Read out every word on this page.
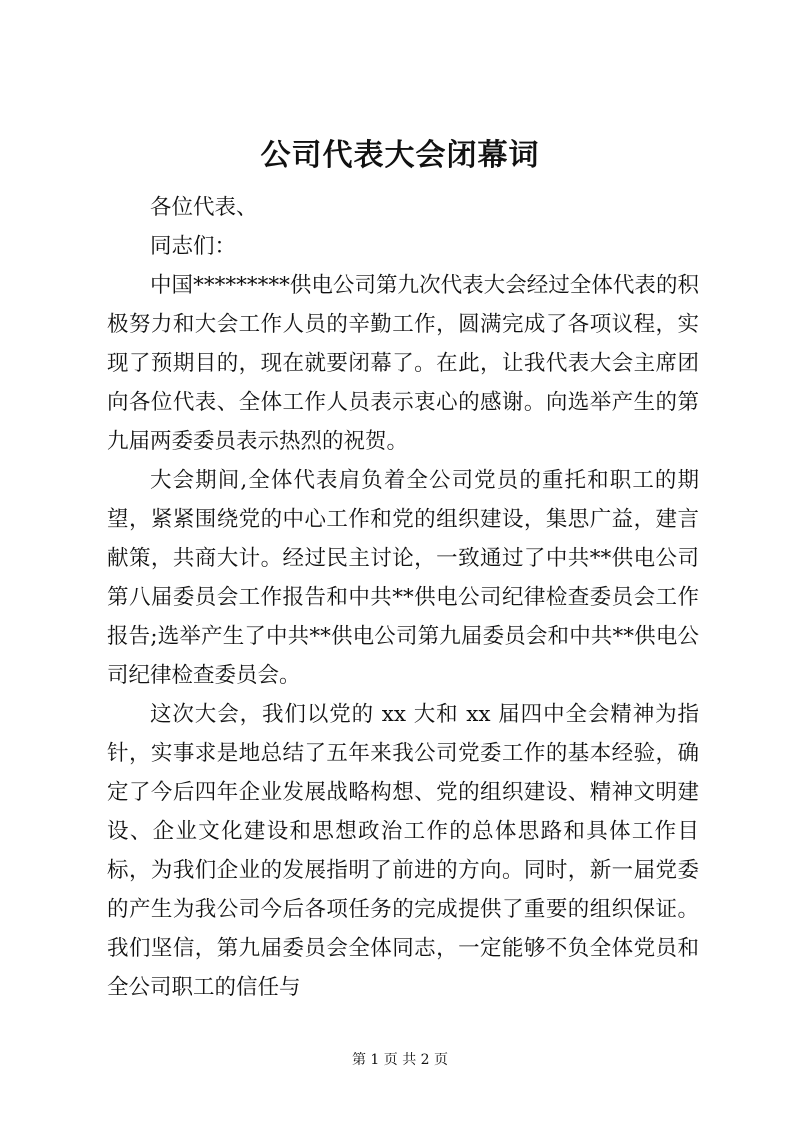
公司代表大会闭幕词

各位代表、

同志们：

中国*********供电公司第九次代表大会经过全体代表的积极努力和大会工作人员的辛勤工作，圆满完成了各项议程，实现了预期目的，现在就要闭幕了。在此，让我代表大会主席团向各位代表、全体工作人员表示衷心的感谢。向选举产生的第九届两委委员表示热烈的祝贺。

大会期间,全体代表肩负着全公司党员的重托和职工的期望，紧紧围绕党的中心工作和党的组织建设，集思广益，建言献策，共商大计。经过民主讨论，一致通过了中共**供电公司第八届委员会工作报告和中共**供电公司纪律检查委员会工作报告;选举产生了中共**供电公司第九届委员会和中共**供电公司纪律检查委员会。

这次大会，我们以党的 xx 大和 xx 届四中全会精神为指针，实事求是地总结了五年来我公司党委工作的基本经验，确定了今后四年企业发展战略构想、党的组织建设、精神文明建设、企业文化建设和思想政治工作的总体思路和具体工作目标，为我们企业的发展指明了前进的方向。同时，新一届党委的产生为我公司今后各项任务的完成提供了重要的组织保证。我们坚信，第九届委员会全体同志，一定能够不负全体党员和全公司职工的信任与

第 1 页 共 2 页
